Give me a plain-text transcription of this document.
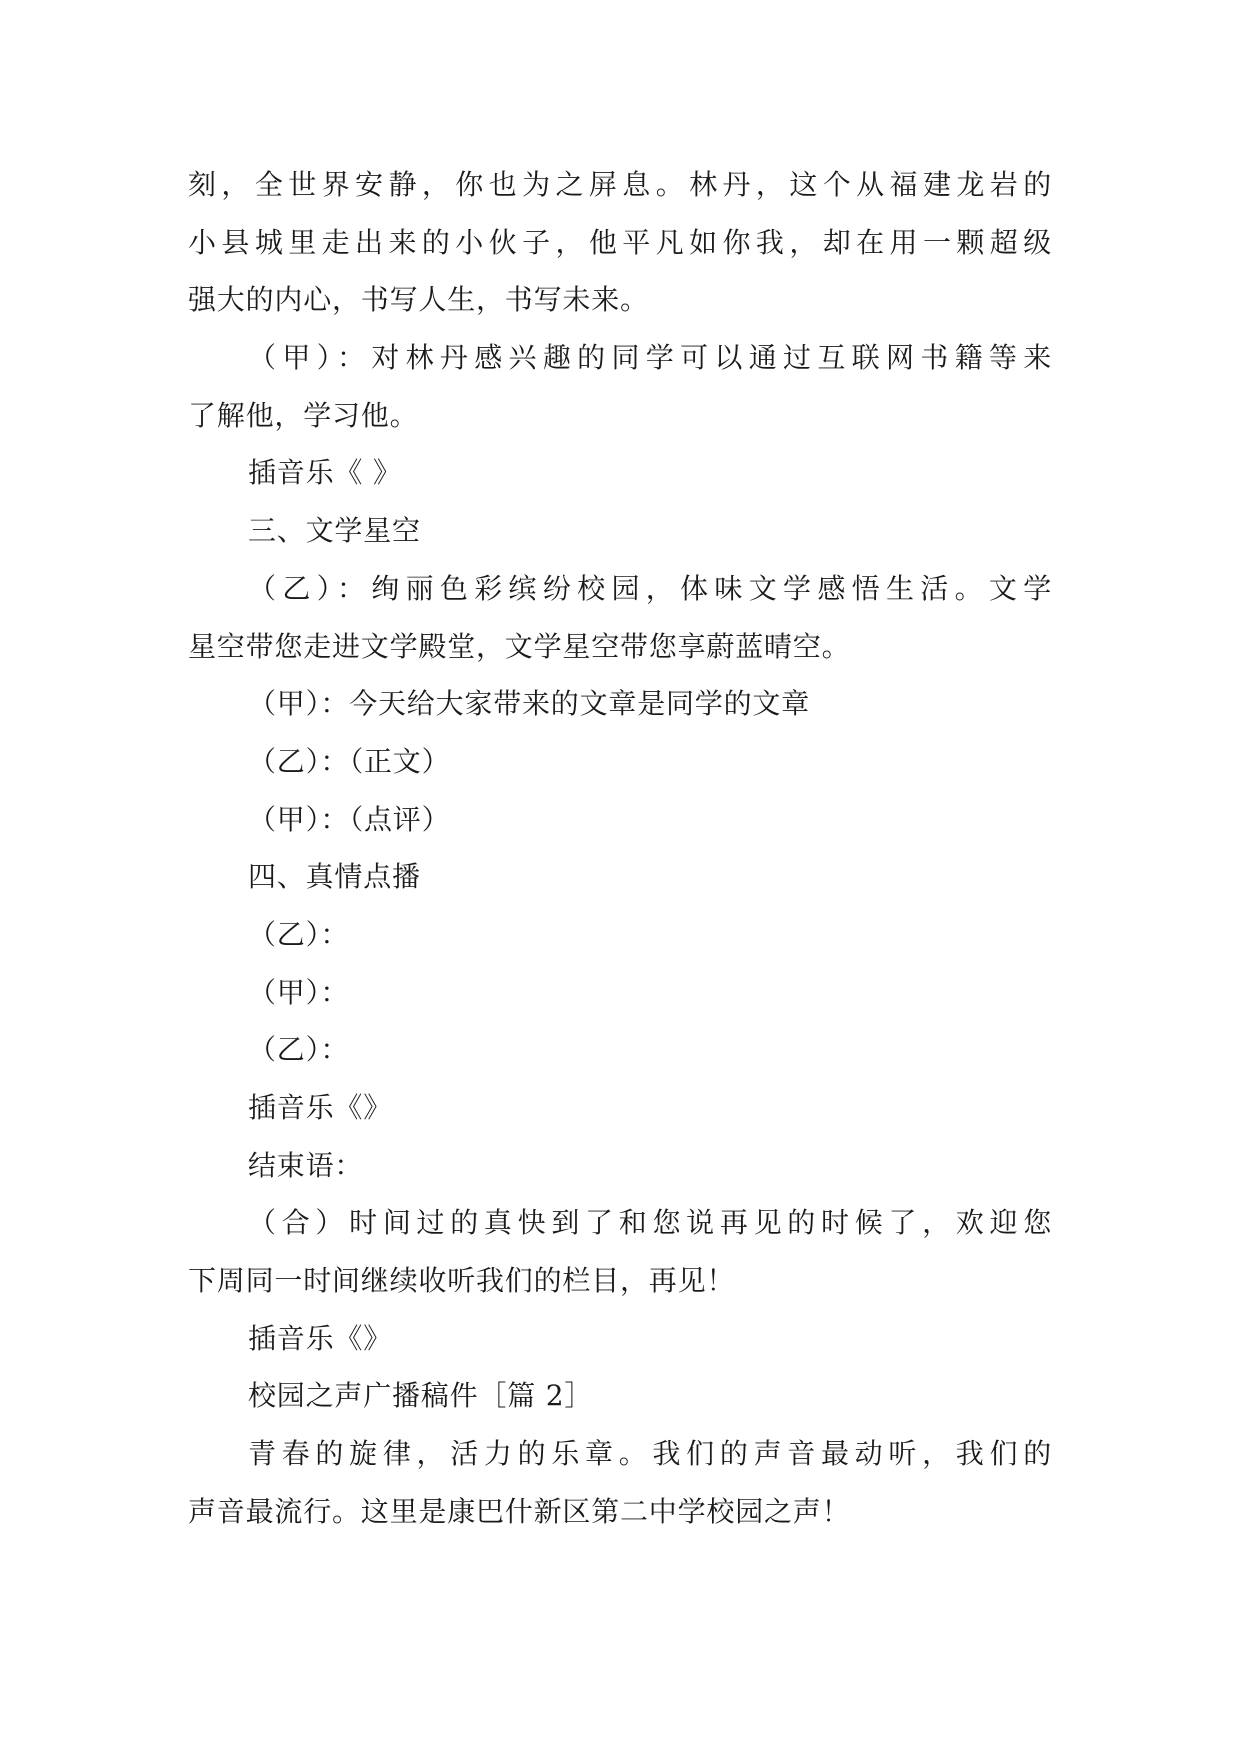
刻，全世界安静，你也为之屏息。林丹，这个从福建龙岩的
小县城里走出来的小伙子，他平凡如你我，却在用一颗超级
强大的内心，书写人生，书写未来。
（甲）：对林丹感兴趣的同学可以通过互联网书籍等来
了解他，学习他。
插音乐《 》
三、文学星空
（乙）：绚丽色彩缤纷校园，体味文学感悟生活。文学
星空带您走进文学殿堂，文学星空带您享蔚蓝晴空。
（甲）：今天给大家带来的文章是同学的文章
（乙）：（正文）
（甲）：（点评）
四、真情点播
（乙）：
（甲）：
（乙）：
插音乐《》
结束语：
（合）时间过的真快到了和您说再见的时候了，欢迎您
下周同一时间继续收听我们的栏目，再见！
插音乐《》
校园之声广播稿件［篇 2］
青春的旋律，活力的乐章。我们的声音最动听，我们的
声音最流行。这里是康巴什新区第二中学校园之声！
